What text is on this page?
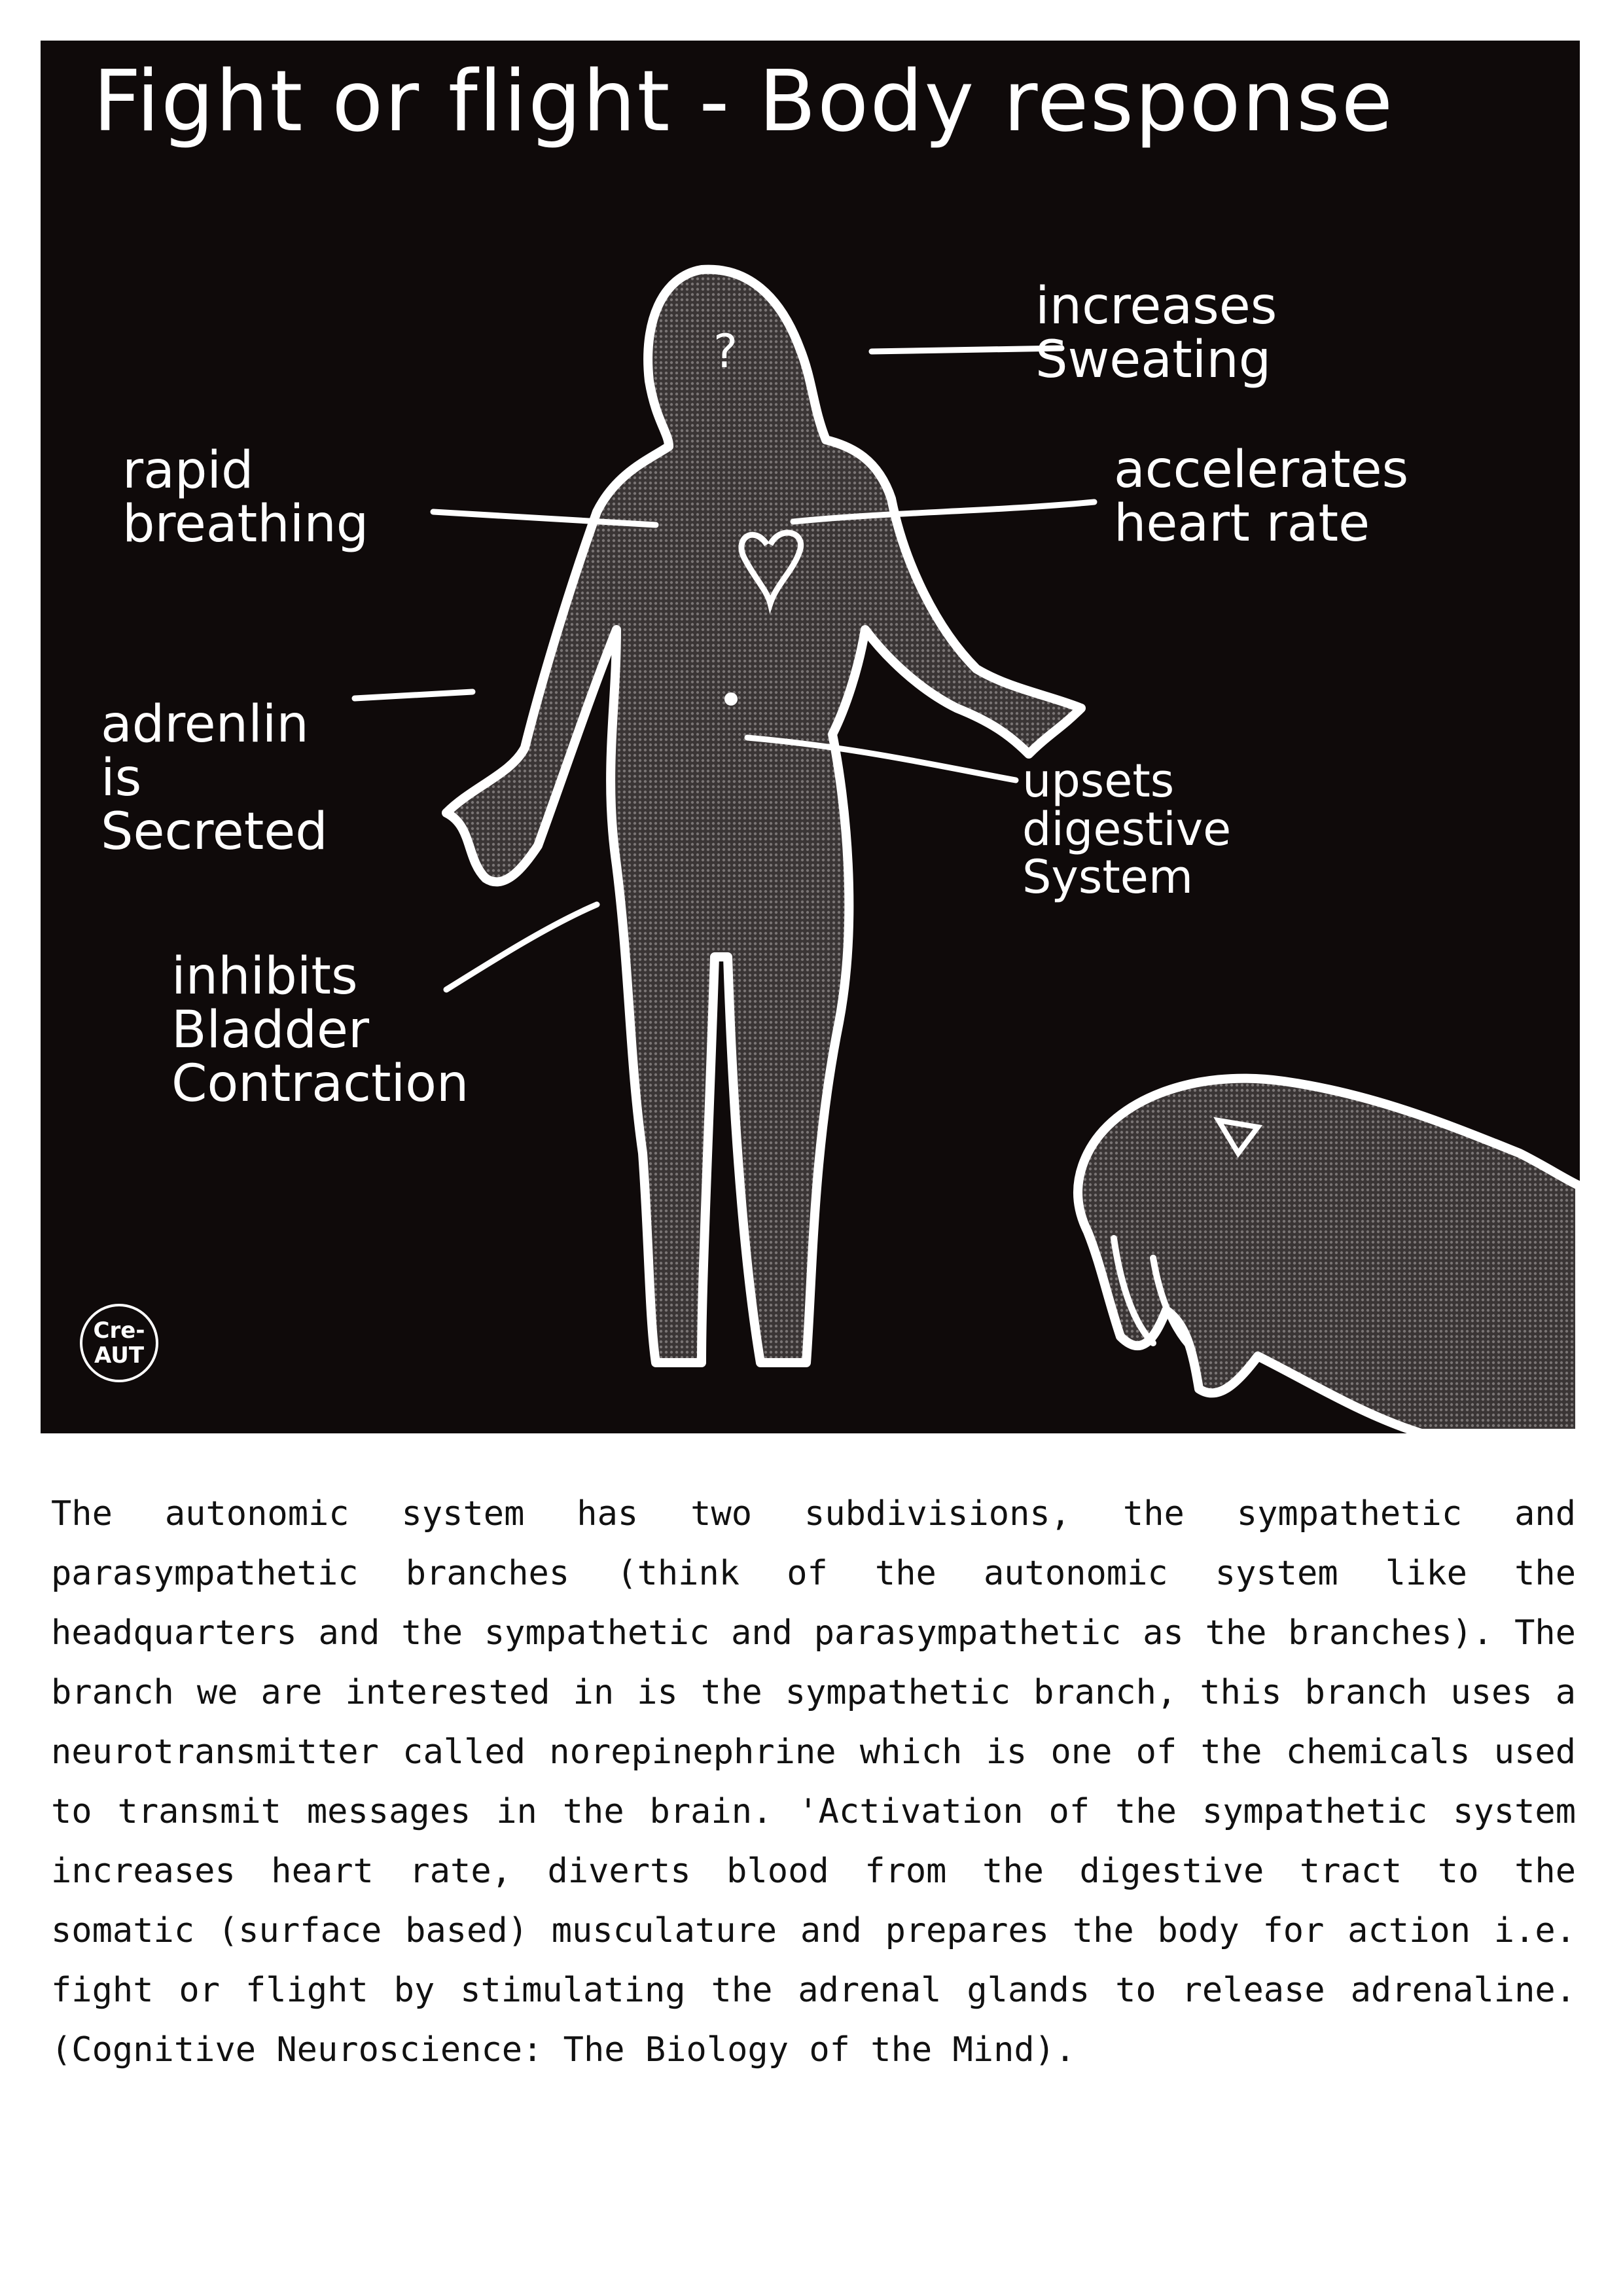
Fight or flight - Body response
increases
Sweating
accelerates
heart rate
rapid
breathing
adrenlin
is
Secreted
upsets
digestive
System
inhibits
Bladder
Contraction
?
Cre-
AUT

The autonomic system has two subdivisions, the sympathetic and parasympathetic branches (think of the autonomic system like the headquarters and the sympathetic and parasympathetic as the branches). The branch we are interested in is the sympathetic branch, this branch uses a neurotransmitter called norepinephrine which is one of the chemicals used to transmit messages in the brain. 'Activation of the sympathetic system increases heart rate, diverts blood from the digestive tract to the somatic (surface based) musculature and prepares the body for action i.e. fight or flight by stimulating the adrenal glands to release adrenaline. (Cognitive Neuroscience: The Biology of the Mind).
